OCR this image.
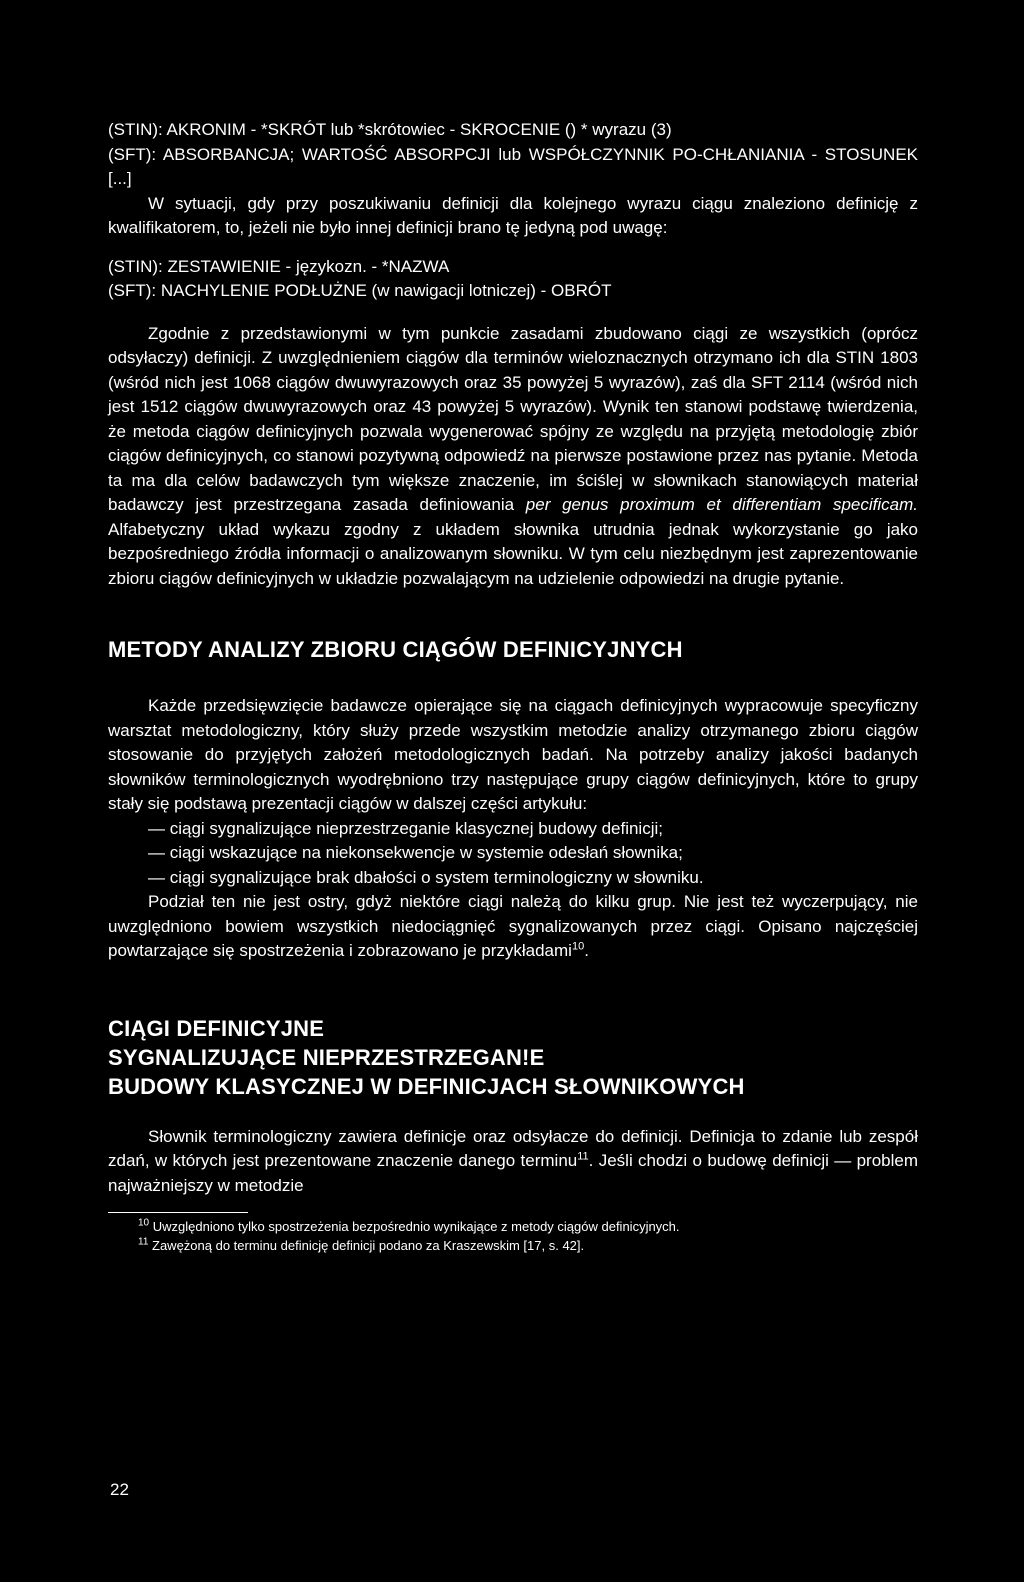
(STIN): AKRONIM - *SKRÓT lub *skrótowiec - SKROCENIE () * wyrazu (3)

(SFT): ABSORBANCJA; WARTOŚĆ ABSORPCJI lub WSPÓŁCZYNNIK PO-CHŁANIANIA - STOSUNEK [...]

W sytuacji, gdy przy poszukiwaniu definicji dla kolejnego wyrazu ciągu znaleziono definicję z kwalifikatorem, to, jeżeli nie było innej definicji brano tę jedyną pod uwagę:

(STIN): ZESTAWIENIE - językozn. - *NAZWA

(SFT): NACHYLENIE PODŁUŻNE (w nawigacji lotniczej) - OBRÓT

Zgodnie z przedstawionymi w tym punkcie zasadami zbudowano ciągi ze wszystkich (oprócz odsyłaczy) definicji. Z uwzględnieniem ciągów dla terminów wieloznacznych otrzymano ich dla STIN 1803 (wśród nich jest 1068 ciągów dwuwyrazowych oraz 35 powyżej 5 wyrazów), zaś dla SFT 2114 (wśród nich jest 1512 ciągów dwuwyrazowych oraz 43 powyżej 5 wyrazów). Wynik ten stanowi podstawę twierdzenia, że metoda ciągów definicyjnych pozwala wygenerować spójny ze względu na przyjętą metodologię zbiór ciągów definicyjnych, co stanowi pozytywną odpowiedź na pierwsze postawione przez nas pytanie. Metoda ta ma dla celów badawczych tym większe znaczenie, im ściślej w słownikach stanowiących materiał badawczy jest przestrzegana zasada definiowania per genus proximum et differentiam specificam. Alfabetyczny układ wykazu zgodny z układem słownika utrudnia jednak wykorzystanie go jako bezpośredniego źródła informacji o analizowanym słowniku. W tym celu niezbędnym jest zaprezentowanie zbioru ciągów definicyjnych w układzie pozwalającym na udzielenie odpowiedzi na drugie pytanie.

METODY ANALIZY ZBIORU CIĄGÓW DEFINICYJNYCH

Każde przedsięwzięcie badawcze opierające się na ciągach definicyjnych wypracowuje specyficzny warsztat metodologiczny, który służy przede wszystkim metodzie analizy otrzymanego zbioru ciągów stosowanie do przyjętych założeń metodologicznych badań. Na potrzeby analizy jakości badanych słowników terminologicznych wyodrębniono trzy następujące grupy ciągów definicyjnych, które to grupy stały się podstawą prezentacji ciągów w dalszej części artykułu:

— ciągi sygnalizujące nieprzestrzeganie klasycznej budowy definicji;

— ciągi wskazujące na niekonsekwencje w systemie odesłań słownika;

— ciągi sygnalizujące brak dbałości o system terminologiczny w słowniku.

Podział ten nie jest ostry, gdyż niektóre ciągi należą do kilku grup. Nie jest też wyczerpujący, nie uwzględniono bowiem wszystkich niedociągnięć sygnalizowanych przez ciągi. Opisano najczęściej powtarzające się spostrzeżenia i zobrazowano je przykładami$^{10}$.

CIĄGI DEFINICYJNE

SYGNALIZUJĄCE NIEPRZESTRZEGAN!E

BUDOWY KLASYCZNEJ W DEFINICJACH SŁOWNIKOWYCH

Słownik terminologiczny zawiera definicje oraz odsyłacze do definicji. Definicja to zdanie lub zespół zdań, w których jest prezentowane znaczenie danego terminu$^{11}$. Jeśli chodzi o budowę definicji — problem najważniejszy w metodzie

$^{10}$ Uwzględniono tylko spostrzeżenia bezpośrednio wynikające z metody ciągów definicyjnych.

$^{11}$ Zawężoną do terminu definicję definicji podano za Kraszewskim [17, s. 42].

22
